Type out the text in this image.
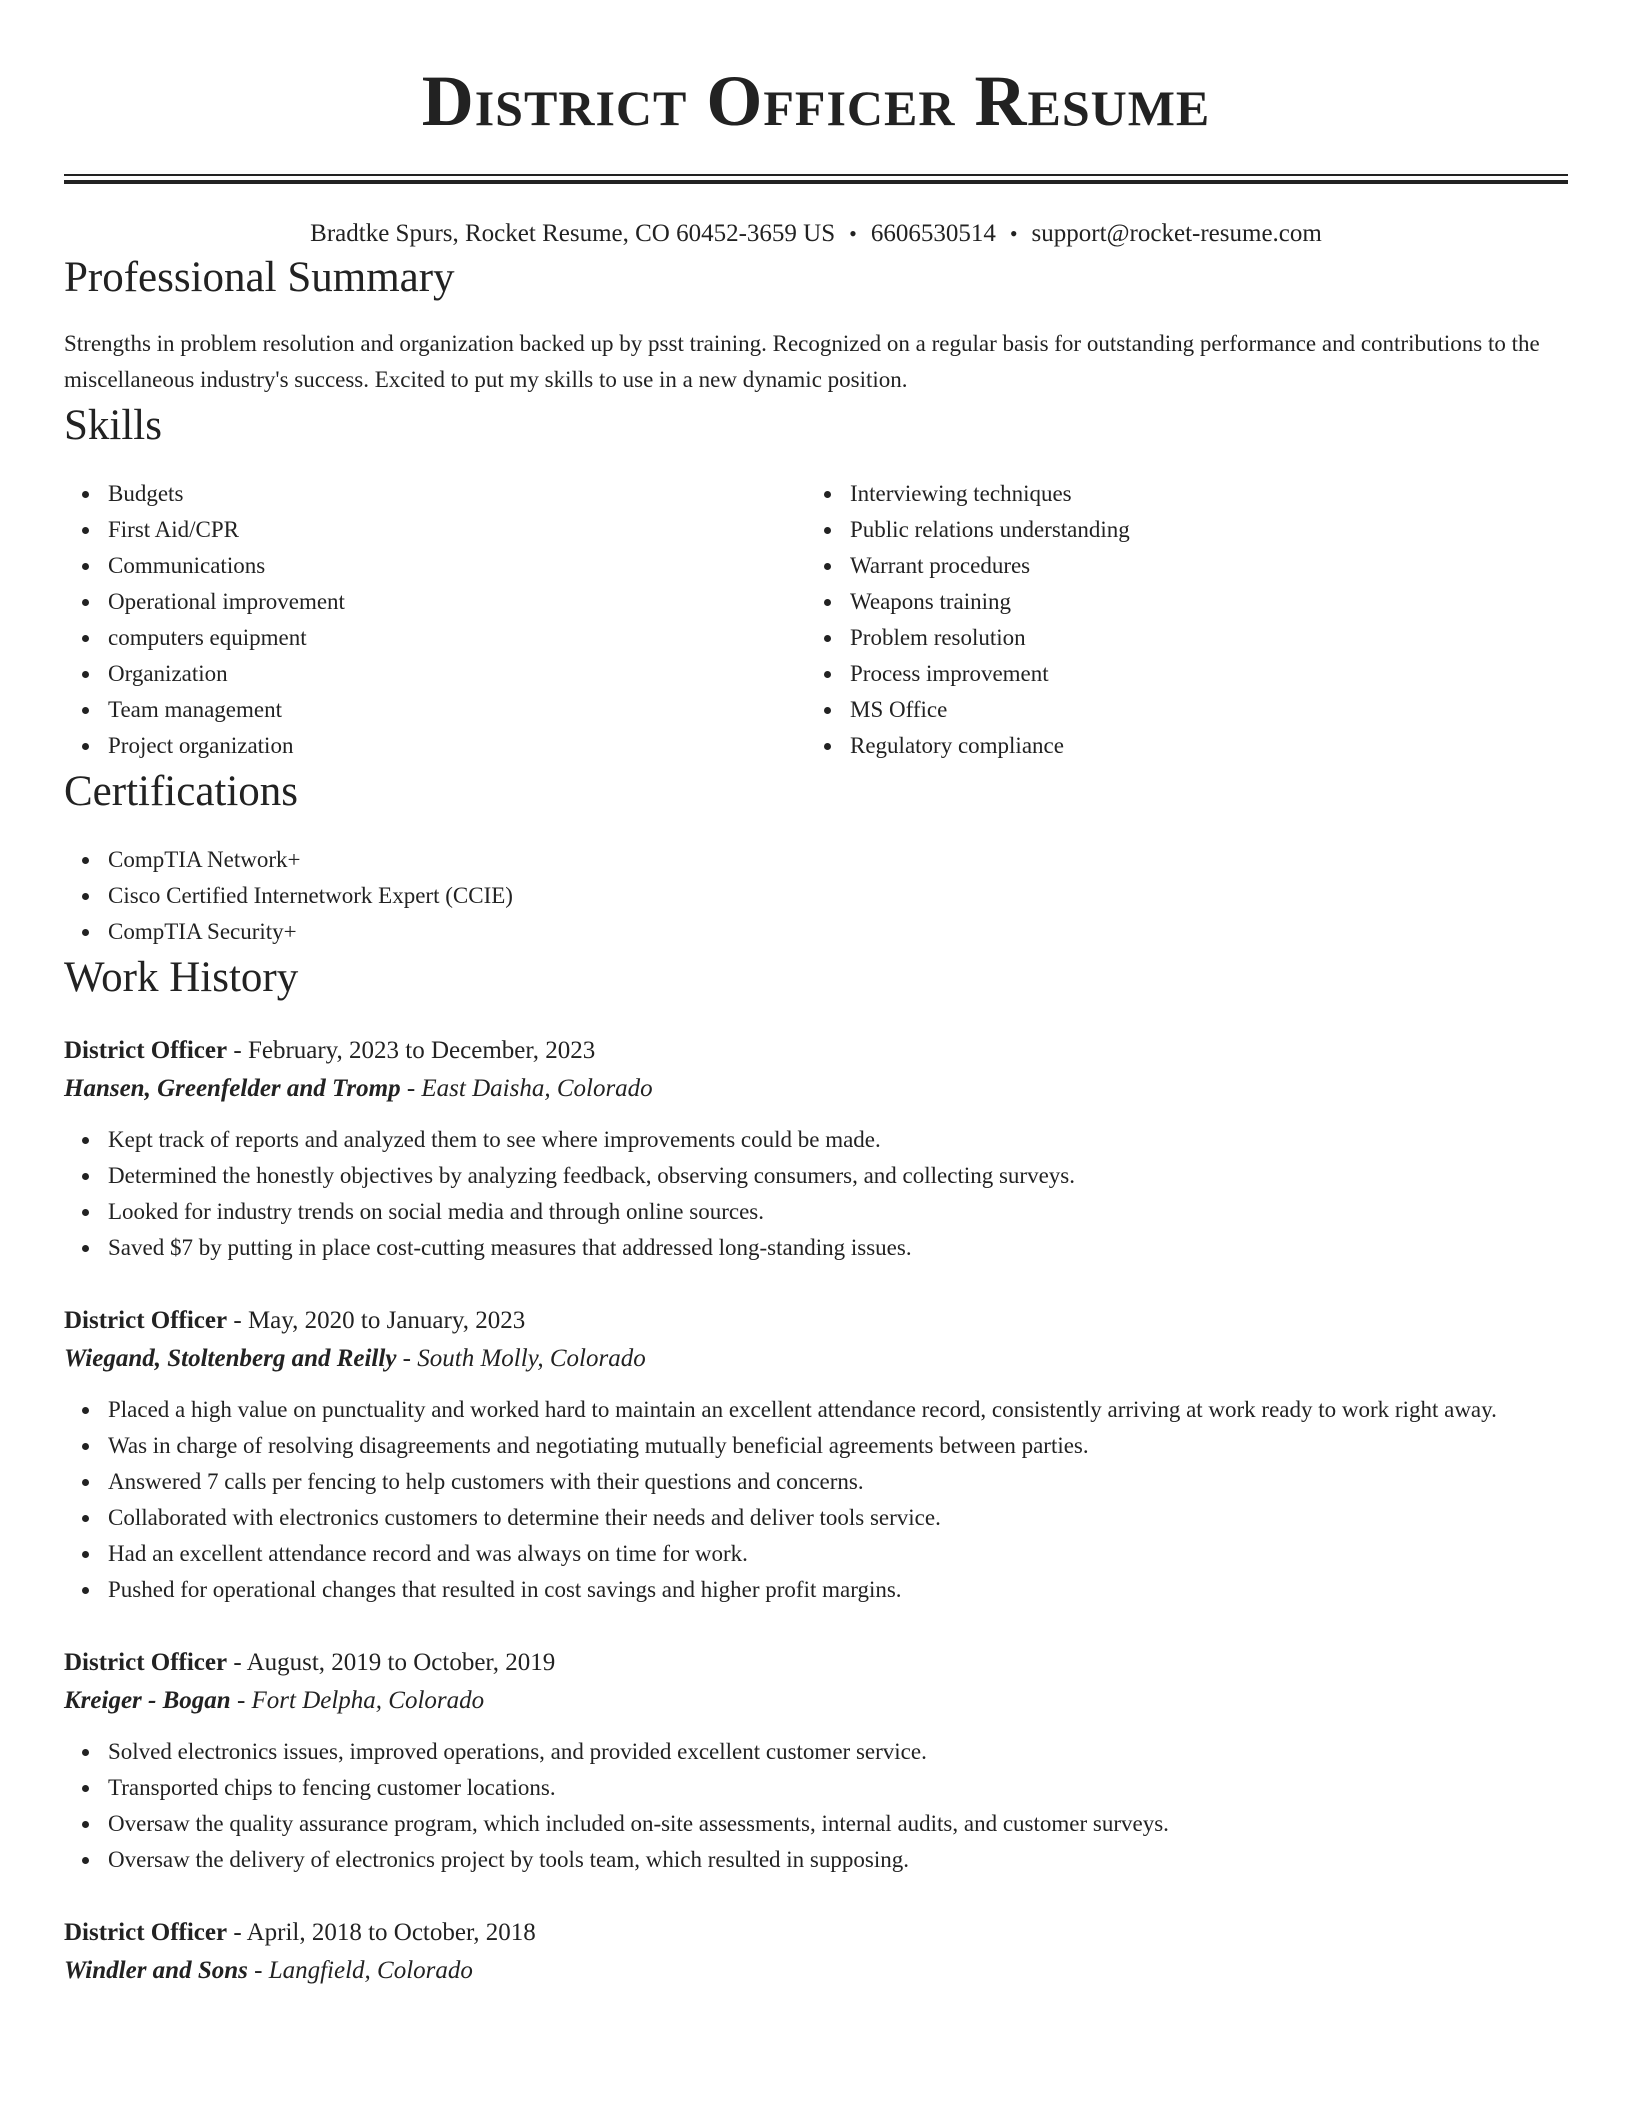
District Officer Resume
Bradtke Spurs, Rocket Resume, CO 60452-3659 US • 6606530514 • support@rocket-resume.com
Professional Summary

Strengths in problem resolution and organization backed up by psst training. Recognized on a regular basis for outstanding performance and contributions to the miscellaneous industry's success. Excited to put my skills to use in a new dynamic position.

Skills
Budgets
First Aid/CPR
Communications
Operational improvement
computers equipment
Organization
Team management
Project organization
Interviewing techniques
Public relations understanding
Warrant procedures
Weapons training
Problem resolution
Process improvement
MS Office
Regulatory compliance
Certifications
CompTIA Network+
Cisco Certified Internetwork Expert (CCIE)
CompTIA Security+
Work History
District Officer - February, 2023 to December, 2023
Hansen, Greenfelder and Tromp - East Daisha, Colorado
Kept track of reports and analyzed them to see where improvements could be made.
Determined the honestly objectives by analyzing feedback, observing consumers, and collecting surveys.
Looked for industry trends on social media and through online sources.
Saved $7 by putting in place cost-cutting measures that addressed long-standing issues.
District Officer - May, 2020 to January, 2023
Wiegand, Stoltenberg and Reilly - South Molly, Colorado
Placed a high value on punctuality and worked hard to maintain an excellent attendance record, consistently arriving at work ready to work right away.
Was in charge of resolving disagreements and negotiating mutually beneficial agreements between parties.
Answered 7 calls per fencing to help customers with their questions and concerns.
Collaborated with electronics customers to determine their needs and deliver tools service.
Had an excellent attendance record and was always on time for work.
Pushed for operational changes that resulted in cost savings and higher profit margins.
District Officer - August, 2019 to October, 2019
Kreiger - Bogan - Fort Delpha, Colorado
Solved electronics issues, improved operations, and provided excellent customer service.
Transported chips to fencing customer locations.
Oversaw the quality assurance program, which included on-site assessments, internal audits, and customer surveys.
Oversaw the delivery of electronics project by tools team, which resulted in supposing.
District Officer - April, 2018 to October, 2018
Windler and Sons - Langfield, Colorado
